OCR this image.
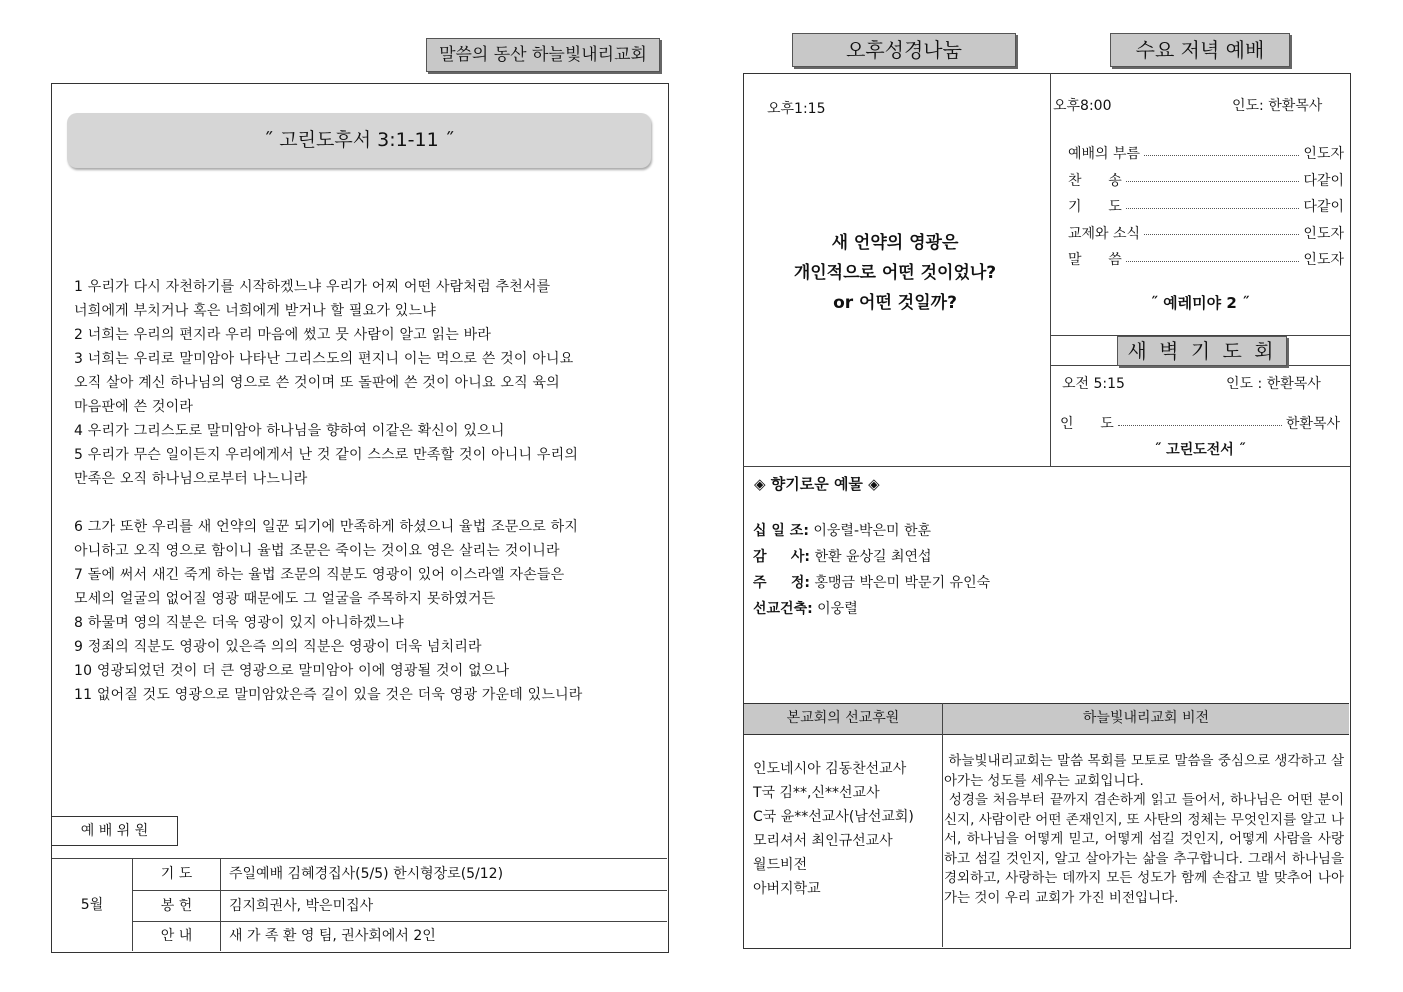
말씀의 동산 하늘빛내리교회
˝ 고린도후서 3:1-11 ˝
1 우리가 다시 자천하기를 시작하겠느냐 우리가 어찌 어떤 사람처럼 추천서를
너희에게 부치거나 혹은 너희에게 받거나 할 필요가 있느냐
2 너희는 우리의 편지라 우리 마음에 썼고 뭇 사람이 알고 읽는 바라
3 너희는 우리로 말미암아 나타난 그리스도의 편지니 이는 먹으로 쓴 것이 아니요
오직 살아 계신 하나님의 영으로 쓴 것이며 또 돌판에 쓴 것이 아니요 오직 육의
마음판에 쓴 것이라
4 우리가 그리스도로 말미암아 하나님을 향하여 이같은 확신이 있으니
5 우리가 무슨 일이든지 우리에게서 난 것 같이 스스로 만족할 것이 아니니 우리의
만족은 오직 하나님으로부터 나느니라
6 그가 또한 우리를 새 언약의 일꾼 되기에 만족하게 하셨으니 율법 조문으로 하지
아니하고 오직 영으로 함이니 율법 조문은 죽이는 것이요 영은 살리는 것이니라
7 돌에 써서 새긴 죽게 하는 율법 조문의 직분도 영광이 있어 이스라엘 자손들은
모세의 얼굴의 없어질 영광 때문에도 그 얼굴을 주목하지 못하였거든
8 하물며 영의 직분은 더욱 영광이 있지 아니하겠느냐
9 정죄의 직분도 영광이 있은즉 의의 직분은 영광이 더욱 넘치리라
10 영광되었던 것이 더 큰 영광으로 말미암아 이에 영광될 것이 없으나
11 없어질 것도 영광으로 말미암았은즉 길이 있을 것은 더욱 영광 가운데 있느니라
예 배 위 원
5월
기 도	주일예배 김혜경집사(5/5) 한시형장로(5/12)
봉 헌	김지희권사, 박은미집사
안 내	새 가 족 환 영 팀, 권사회에서 2인
오후성경나눔	수요 저녁 예배
오후1:15
새 언약의 영광은
개인적으로 어떤 것이었나?
or 어떤 것일까?
오후8:00	인도: 한환목사
예배의 부름	인도자
찬      송	다같이
기      도	다같이
교제와 소식	인도자
말      씀	인도자
˝ 예레미야 2 ˝
새 벽 기 도 회
오전 5:15	인도 : 한환목사
인      도	한환목사
˝ 고린도전서 ˝
◈ 향기로운 예물 ◈
십 일 조: 이웅렬-박은미 한훈
감     사: 한환 윤상길 최연섭
주     정: 홍맹금 박은미 박문기 유인숙
선교건축: 이웅렬
본교회의 선교후원	하늘빛내리교회 비전
인도네시아 김동찬선교사
T국 김**,신**선교사
C국 윤**선교사(남선교회)
모리셔서 최인규선교사
월드비전
아버지학교
하늘빛내리교회는 말씀 목회를 모토로 말씀을 중심으로 생각하고 살아가는 성도를 세우는 교회입니다.
성경을 처음부터 끝까지 겸손하게 읽고 들어서, 하나님은 어떤 분이신지, 사람이란 어떤 존재인지, 또 사탄의 정체는 무엇인지를 알고 나서, 하나님을 어떻게 믿고, 어떻게 섬길 것인지, 어떻게 사람을 사랑하고 섬길 것인지, 알고 살아가는 삶을 추구합니다. 그래서 하나님을 경외하고, 사랑하는 데까지 모든 성도가 함께 손잡고 발 맞추어 나아가는 것이 우리 교회가 가진 비전입니다.
